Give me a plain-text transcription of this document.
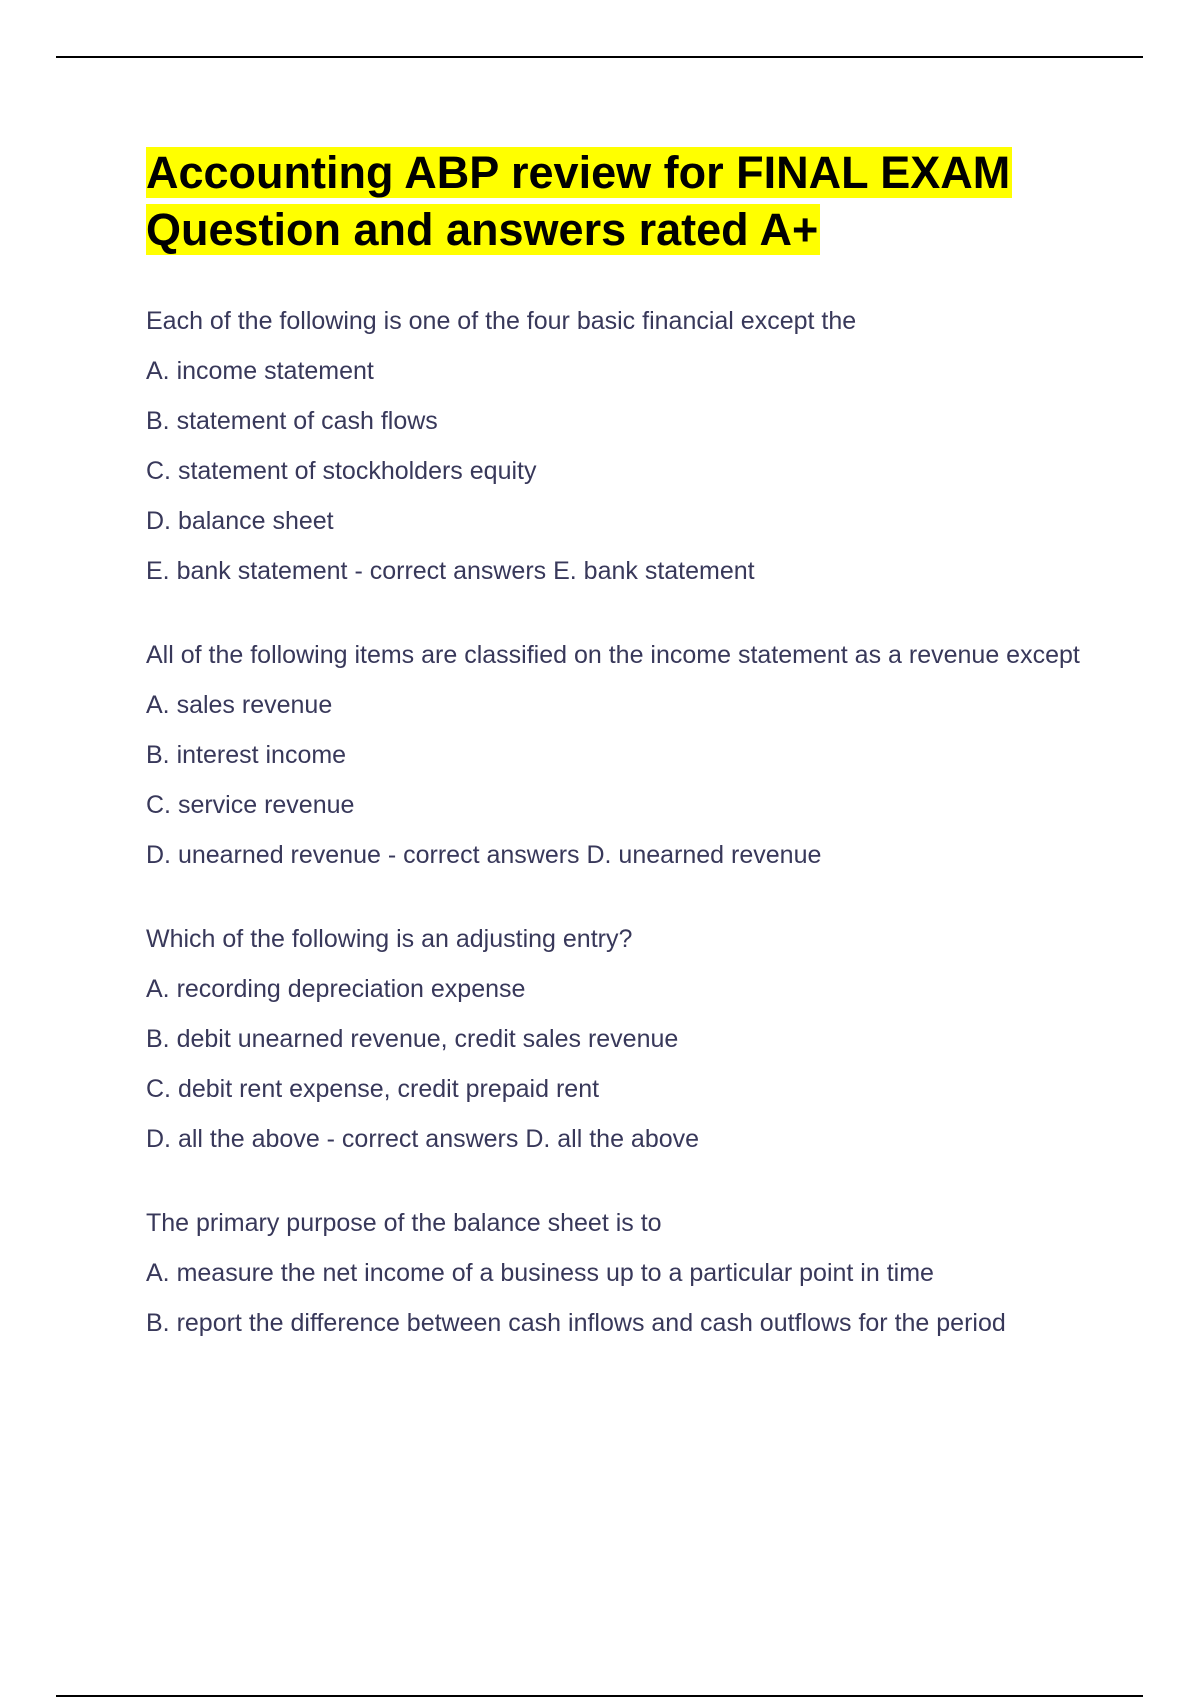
Accounting ABP review for FINAL EXAM
Question and answers rated A+

Each of the following is one of the four basic financial except the

A. income statement

B. statement of cash flows

C. statement of stockholders equity

D. balance sheet

E. bank statement - correct answers E. bank statement

All of the following items are classified on the income statement as a revenue except

A. sales revenue

B. interest income

C. service revenue

D. unearned revenue - correct answers D. unearned revenue

Which of the following is an adjusting entry?

A. recording depreciation expense

B. debit unearned revenue, credit sales revenue

C. debit rent expense, credit prepaid rent

D. all the above - correct answers D. all the above

The primary purpose of the balance sheet is to

A. measure the net income of a business up to a particular point in time

B. report the difference between cash inflows and cash outflows for the period
